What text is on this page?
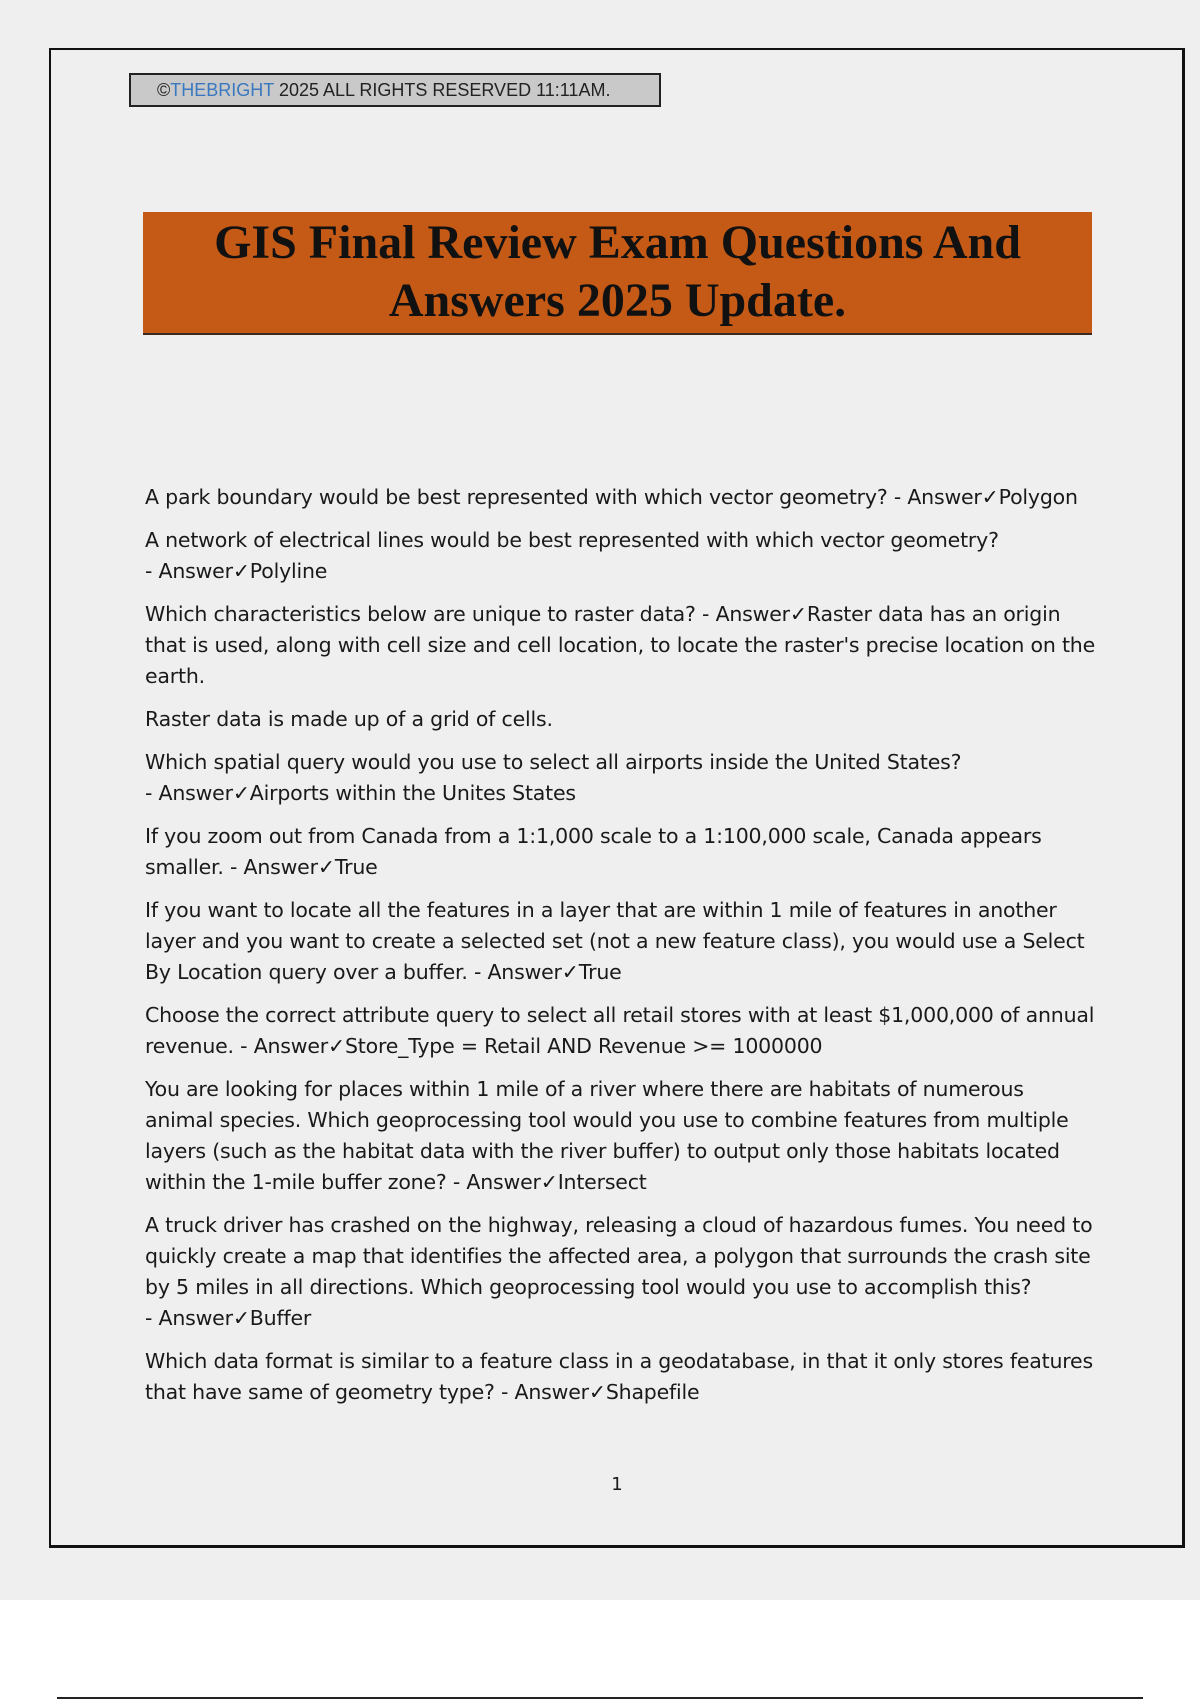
©THEBRIGHT 2025 ALL RIGHTS RESERVED 11:11AM.
GIS Final Review Exam Questions And
Answers 2025 Update.

A park boundary would be best represented with which vector geometry? - Answer✓Polygon

A network of electrical lines would be best represented with which vector geometry? - Answer✓Polyline

Which characteristics below are unique to raster data? - Answer✓Raster data has an origin that is used, along with cell size and cell location, to locate the raster's precise location on the earth.

Raster data is made up of a grid of cells.

Which spatial query would you use to select all airports inside the United States? - Answer✓Airports within the Unites States

If you zoom out from Canada from a 1:1,000 scale to a 1:100,000 scale, Canada appears smaller. - Answer✓True

If you want to locate all the features in a layer that are within 1 mile of features in another layer and you want to create a selected set (not a new feature class), you would use a Select By Location query over a buffer. - Answer✓True

Choose the correct attribute query to select all retail stores with at least $1,000,000 of annual revenue. - Answer✓Store_Type = Retail AND Revenue >= 1000000

You are looking for places within 1 mile of a river where there are habitats of numerous animal species. Which geoprocessing tool would you use to combine features from multiple layers (such as the habitat data with the river buffer) to output only those habitats located within the 1-mile buffer zone? - Answer✓Intersect

A truck driver has crashed on the highway, releasing a cloud of hazardous fumes. You need to quickly create a map that identifies the affected area, a polygon that surrounds the crash site by 5 miles in all directions. Which geoprocessing tool would you use to accomplish this? - Answer✓Buffer

Which data format is similar to a feature class in a geodatabase, in that it only stores features that have same of geometry type? - Answer✓Shapefile

1
